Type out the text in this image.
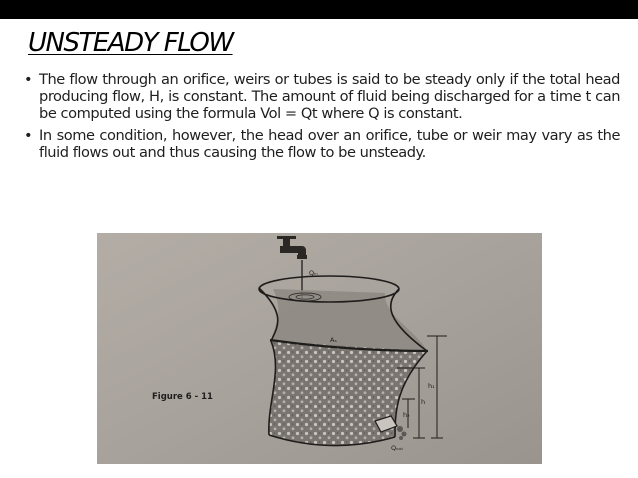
UNSTEADY FLOW
• The flow through an orifice, weirs or tubes is said to be steady only if the total head producing flow, H, is constant. The amount of fluid being discharged for a time t can be computed using the formula Vol = Qt where Q is constant.
• In some condition, however, the head over an orifice, tube or weir may vary as the fluid flows out and thus causing the flow to be unsteady.
Figure 6 - 11
Qᵢₙ
Aₛ
h₁
h
h₂
Qₒᵤₜ
